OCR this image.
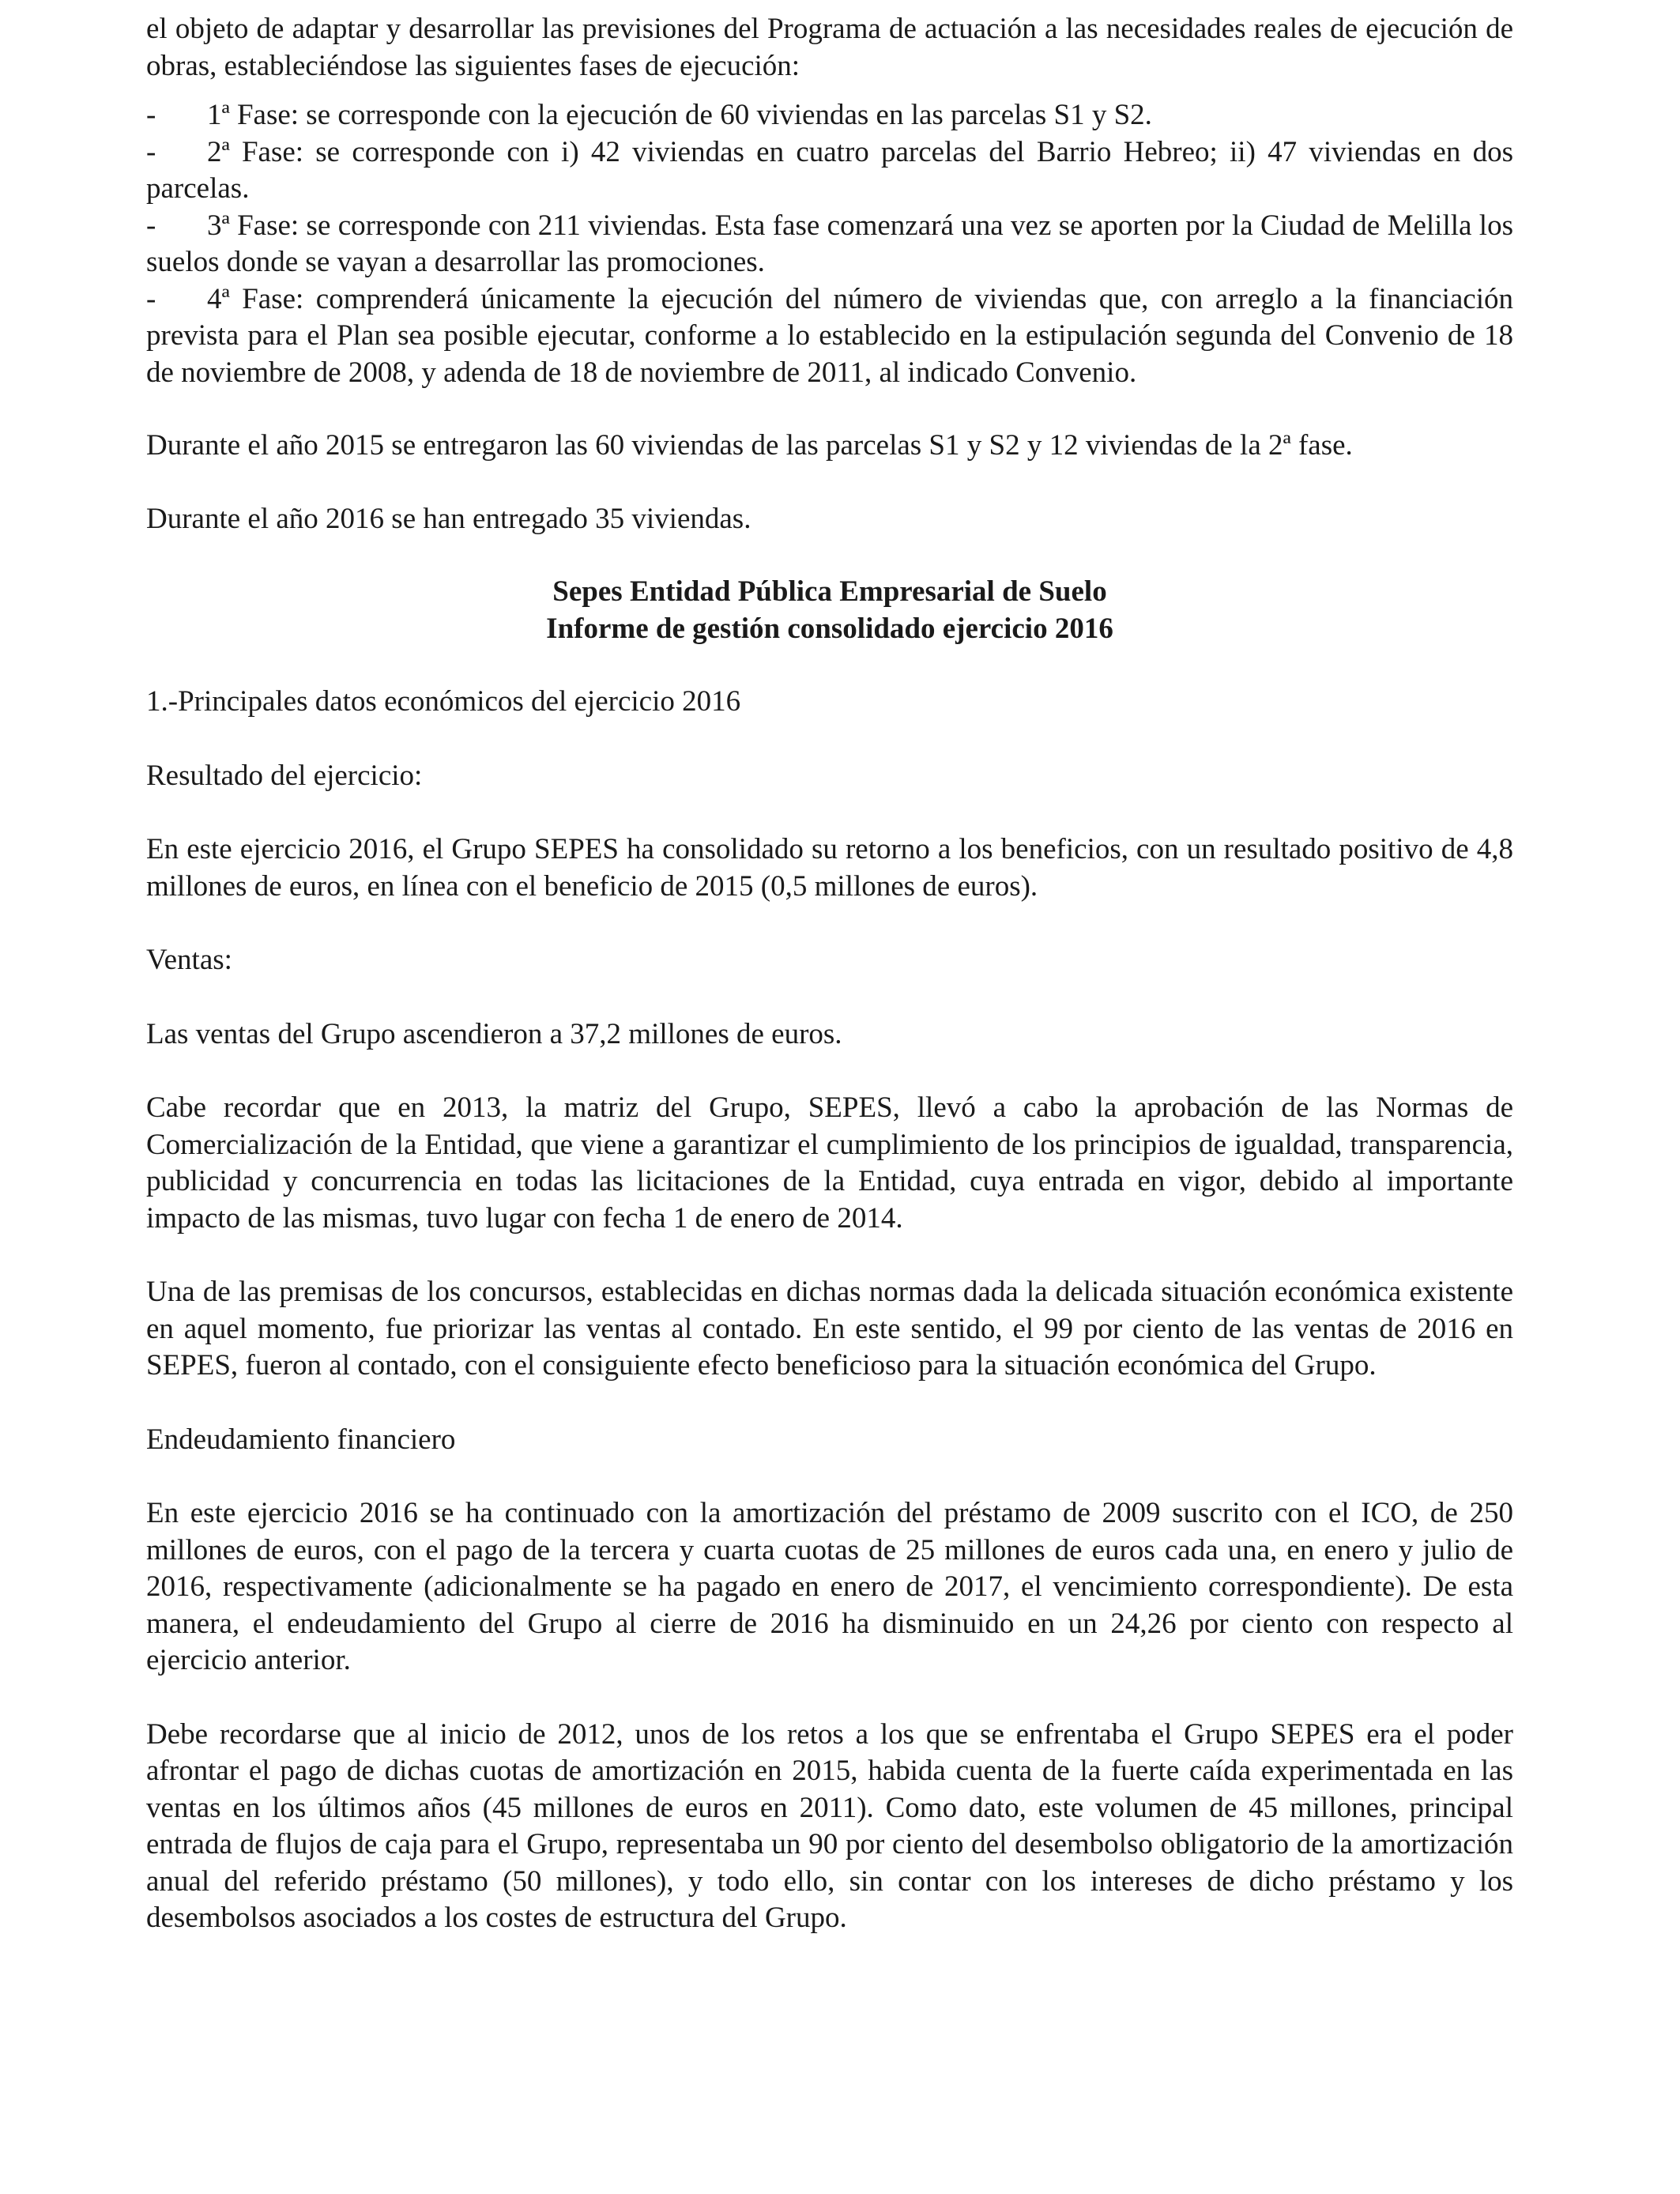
el objeto de adaptar y desarrollar las previsiones del Programa de actuación a las necesidades reales de ejecución de obras, estableciéndose las siguientes fases de ejecución:

- 1ª Fase: se corresponde con la ejecución de 60 viviendas en las parcelas S1 y S2.
- 2ª Fase: se corresponde con i) 42 viviendas en cuatro parcelas del Barrio Hebreo; ii) 47 viviendas en dos parcelas.
- 3ª Fase: se corresponde con 211 viviendas. Esta fase comenzará una vez se aporten por la Ciudad de Melilla los suelos donde se vayan a desarrollar las promociones.
- 4ª Fase: comprenderá únicamente la ejecución del número de viviendas que, con arreglo a la financiación prevista para el Plan sea posible ejecutar, conforme a lo establecido en la estipulación segunda del Convenio de 18 de noviembre de 2008, y adenda de 18 de noviembre de 2011, al indicado Convenio.

Durante el año 2015 se entregaron las 60 viviendas de las parcelas S1 y S2 y 12 viviendas de la 2ª fase.

Durante el año 2016 se han entregado 35 viviendas.

Sepes Entidad Pública Empresarial de Suelo
Informe de gestión consolidado ejercicio 2016

1.-Principales datos económicos del ejercicio 2016

Resultado del ejercicio:

En este ejercicio 2016, el Grupo SEPES ha consolidado su retorno a los beneficios, con un resultado positivo de 4,8 millones de euros, en línea con el beneficio de 2015 (0,5 millones de euros).

Ventas:

Las ventas del Grupo ascendieron a 37,2 millones de euros.

Cabe recordar que en 2013, la matriz del Grupo, SEPES, llevó a cabo la aprobación de las Normas de Comercialización de la Entidad, que viene a garantizar el cumplimiento de los principios de igualdad, transparencia, publicidad y concurrencia en todas las licitaciones de la Entidad, cuya entrada en vigor, debido al importante impacto de las mismas, tuvo lugar con fecha 1 de enero de 2014.

Una de las premisas de los concursos, establecidas en dichas normas dada la delicada situación económica existente en aquel momento, fue priorizar las ventas al contado. En este sentido, el 99 por ciento de las ventas de 2016 en SEPES, fueron al contado, con el consiguiente efecto beneficioso para la situación económica del Grupo.

Endeudamiento financiero

En este ejercicio 2016 se ha continuado con la amortización del préstamo de 2009 suscrito con el ICO, de 250 millones de euros, con el pago de la tercera y cuarta cuotas de 25 millones de euros cada una, en enero y julio de 2016, respectivamente (adicionalmente se ha pagado en enero de 2017, el vencimiento correspondiente). De esta manera, el endeudamiento del Grupo al cierre de 2016 ha disminuido en un 24,26 por ciento con respecto al ejercicio anterior.

Debe recordarse que al inicio de 2012, unos de los retos a los que se enfrentaba el Grupo SEPES era el poder afrontar el pago de dichas cuotas de amortización en 2015, habida cuenta de la fuerte caída experimentada en las ventas en los últimos años (45 millones de euros en 2011). Como dato, este volumen de 45 millones, principal entrada de flujos de caja para el Grupo, representaba un 90 por ciento del desembolso obligatorio de la amortización anual del referido préstamo (50 millones), y todo ello, sin contar con los intereses de dicho préstamo y los desembolsos asociados a los costes de estructura del Grupo.
